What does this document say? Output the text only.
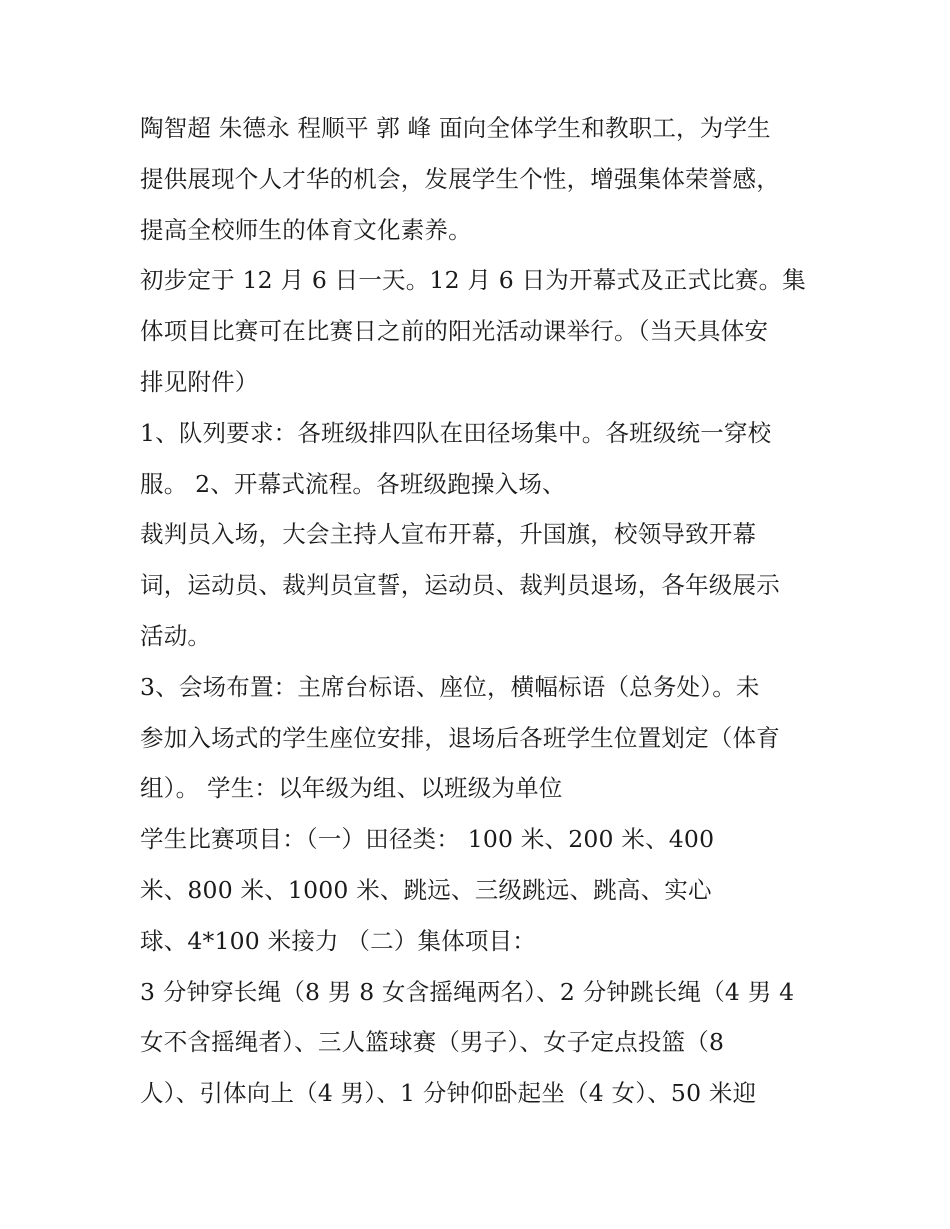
陶智超 朱德永 程顺平 郭 峰 面向全体学生和教职工，为学生
提供展现个人才华的机会，发展学生个性，增强集体荣誉感，
提高全校师生的体育文化素养。
初步定于 12 月 6 日一天。12 月 6 日为开幕式及正式比赛。集
体项目比赛可在比赛日之前的阳光活动课举行。（当天具体安
排见附件）
1、队列要求：各班级排四队在田径场集中。各班级统一穿校
服。 2、开幕式流程。各班级跑操入场、
裁判员入场，大会主持人宣布开幕，升国旗，校领导致开幕
词，运动员、裁判员宣誓，运动员、裁判员退场，各年级展示
活动。
3、会场布置：主席台标语、座位，横幅标语（总务处）。未
参加入场式的学生座位安排，退场后各班学生位置划定（体育
组）。 学生：以年级为组、以班级为单位
学生比赛项目：（一）田径类： 100 米、200 米、400
米、800 米、1000 米、跳远、三级跳远、跳高、实心
球、4*100 米接力 （二）集体项目：
3 分钟穿长绳（8 男 8 女含摇绳两名）、2 分钟跳长绳（4 男 4
女不含摇绳者）、三人篮球赛（男子）、女子定点投篮（8
人）、引体向上（4 男）、1 分钟仰卧起坐（4 女）、50 米迎
